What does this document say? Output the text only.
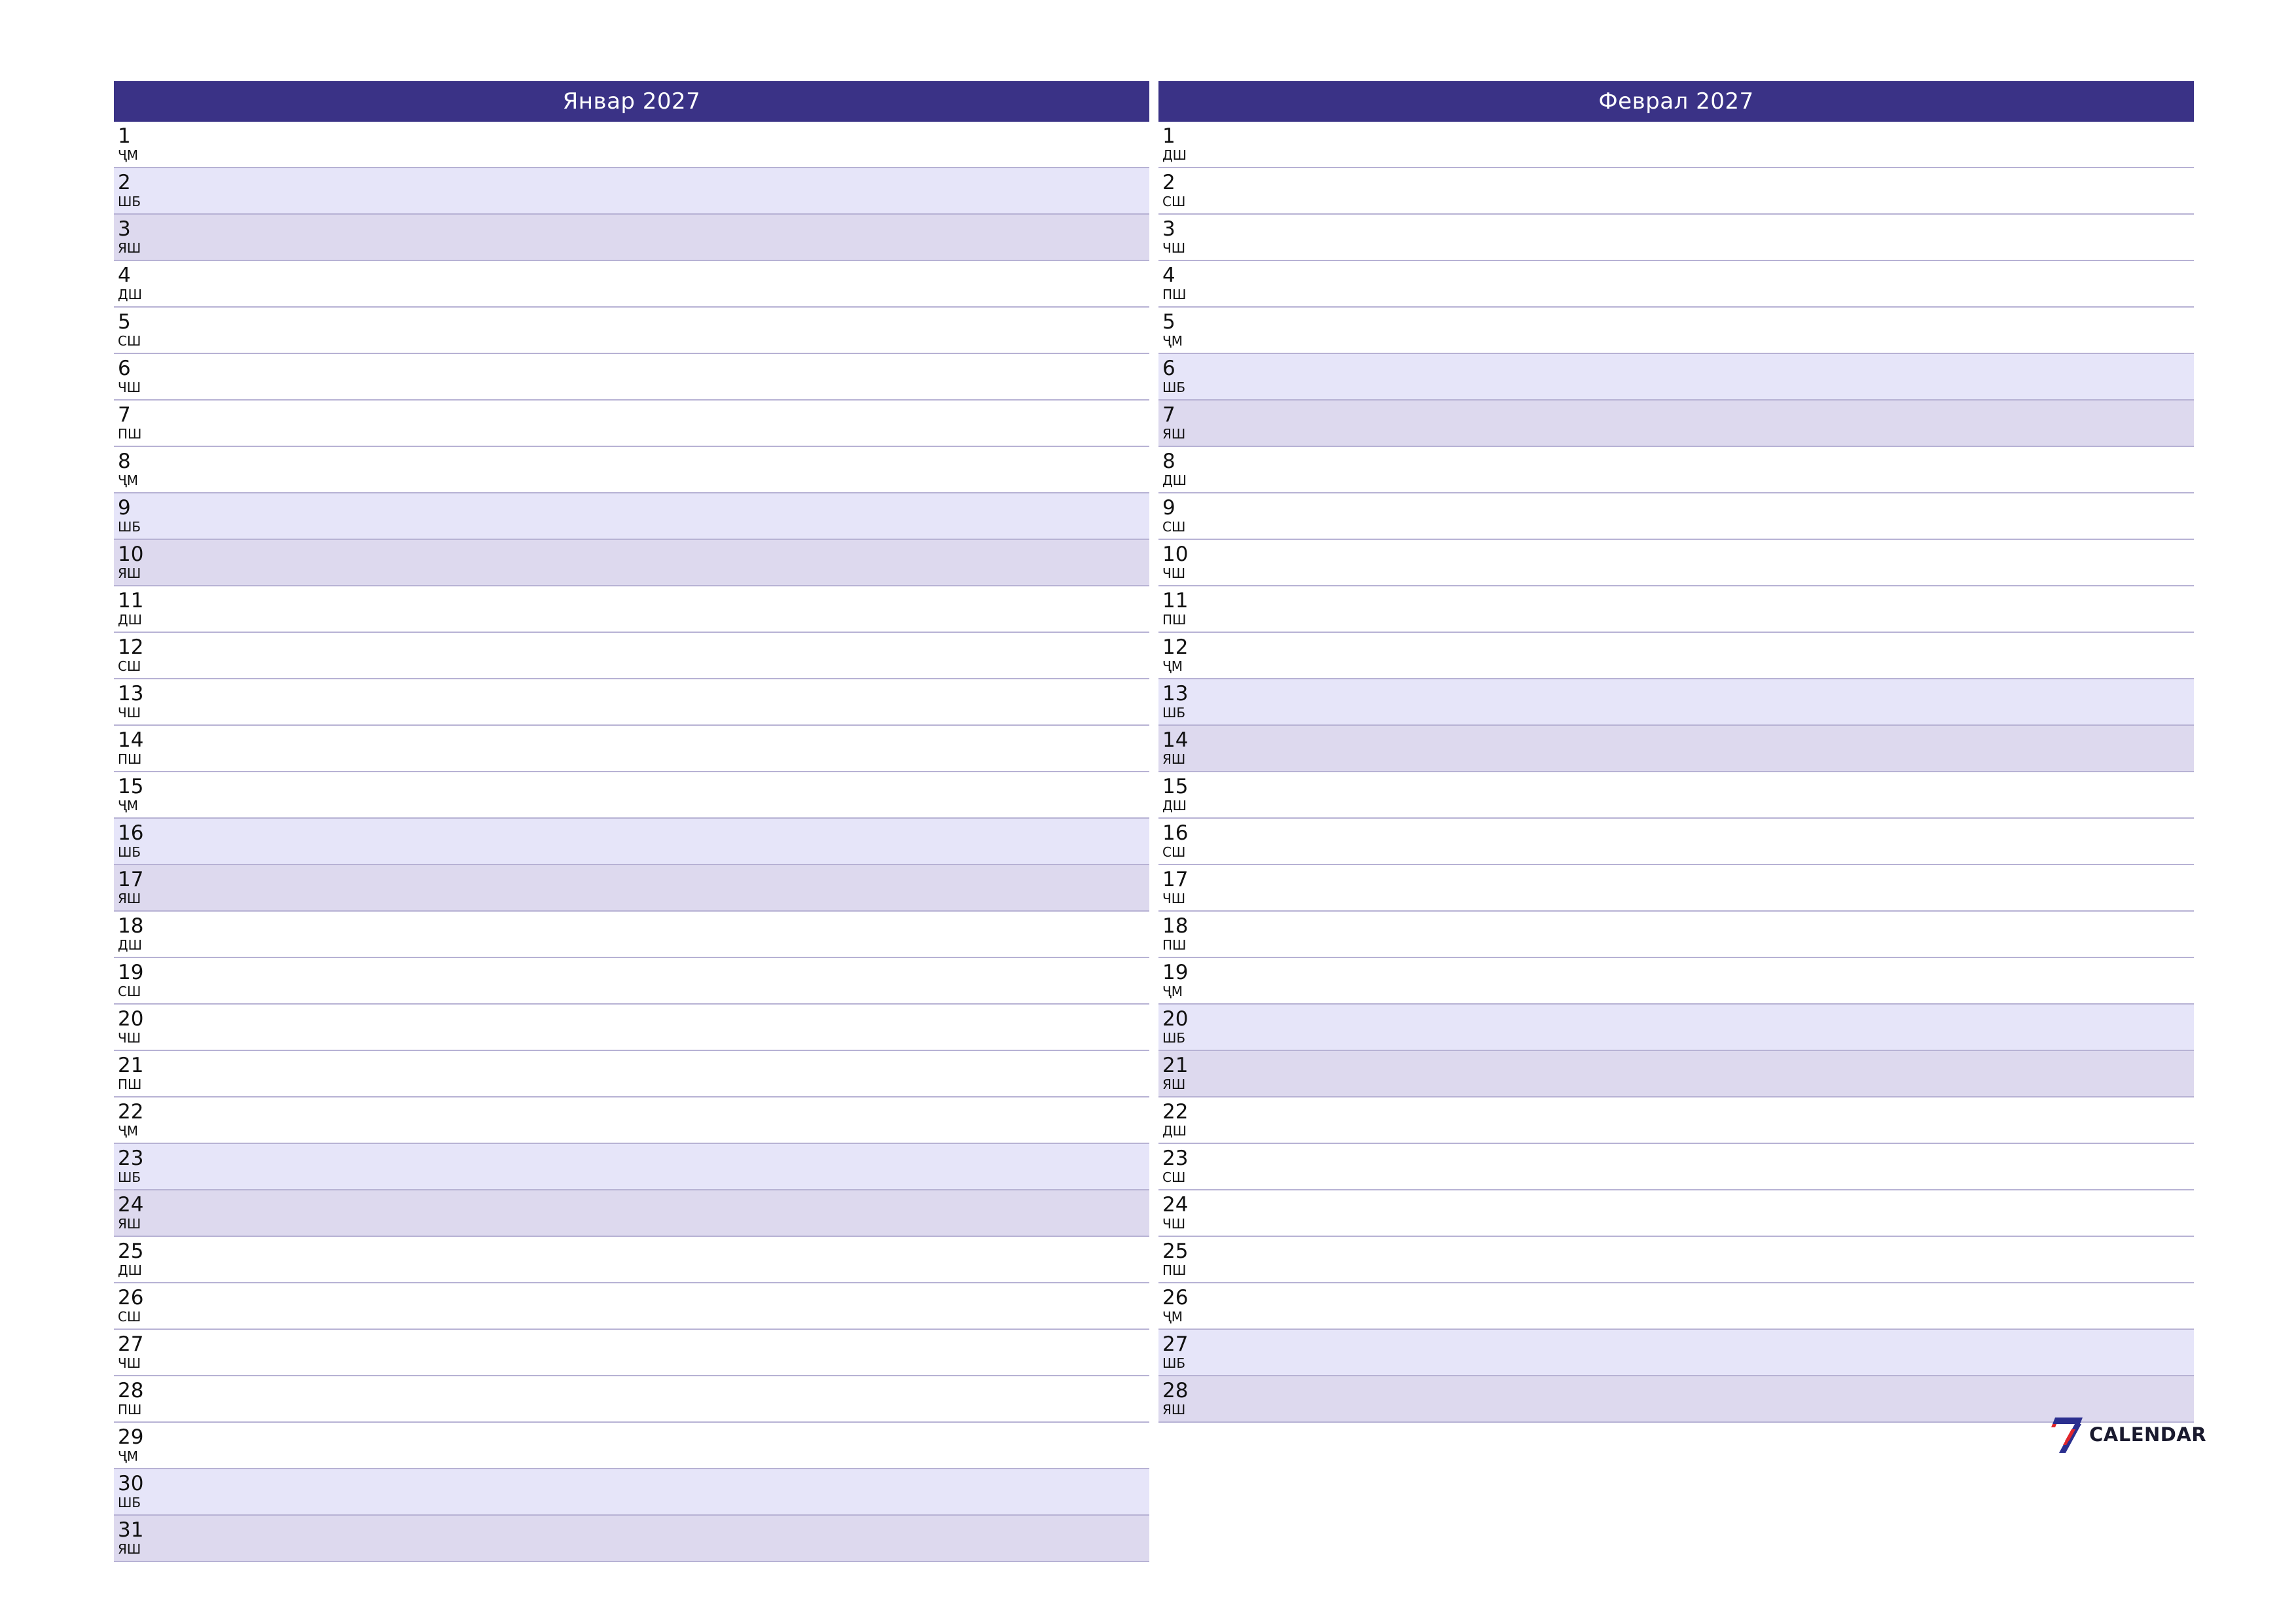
Январ 2027
1
ҶМ
2
ШБ
3
ЯШ
4
ДШ
5
СШ
6
ЧШ
7
ПШ
8
ҶМ
9
ШБ
10
ЯШ
11
ДШ
12
СШ
13
ЧШ
14
ПШ
15
ҶМ
16
ШБ
17
ЯШ
18
ДШ
19
СШ
20
ЧШ
21
ПШ
22
ҶМ
23
ШБ
24
ЯШ
25
ДШ
26
СШ
27
ЧШ
28
ПШ
29
ҶМ
30
ШБ
31
ЯШ
Феврал 2027
1
ДШ
2
СШ
3
ЧШ
4
ПШ
5
ҶМ
6
ШБ
7
ЯШ
8
ДШ
9
СШ
10
ЧШ
11
ПШ
12
ҶМ
13
ШБ
14
ЯШ
15
ДШ
16
СШ
17
ЧШ
18
ПШ
19
ҶМ
20
ШБ
21
ЯШ
22
ДШ
23
СШ
24
ЧШ
25
ПШ
26
ҶМ
27
ШБ
28
ЯШ
CALENDAR
